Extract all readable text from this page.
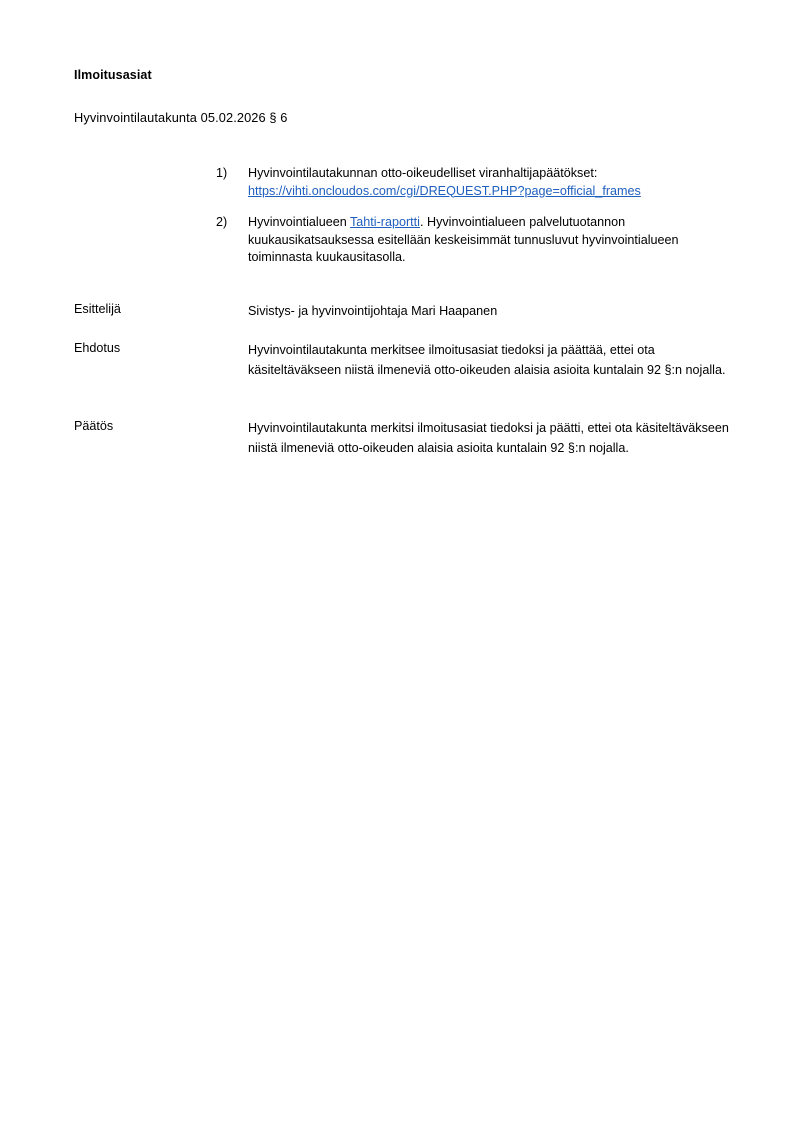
Ilmoitusasiat
Hyvinvointilautakunta 05.02.2026 § 6
1)	Hyvinvointilautakunnan otto-oikeudelliset viranhaltijapäätökset:
https://vihti.oncloudos.com/cgi/DREQUEST.PHP?page=official_frames
2)	Hyvinvointialueen Tahti-raportti. Hyvinvointialueen palvelutuotannon kuukausikatsauksessa esitellään keskeisimmät tunnusluvut hyvinvointialueen toiminnasta kuukausitasolla.
Esittelijä	Sivistys- ja hyvinvointijohtaja Mari Haapanen
Ehdotus	Hyvinvointilautakunta merkitsee ilmoitusasiat tiedoksi ja päättää, ettei ota käsiteltäväkseen niistä ilmeneviä otto-oikeuden alaisia asioita kuntalain 92 §:n nojalla.
Päätös	Hyvinvointilautakunta merkitsi ilmoitusasiat tiedoksi ja päätti, ettei ota käsiteltäväkseen niistä ilmeneviä otto-oikeuden alaisia asioita kuntalain 92 §:n nojalla.
